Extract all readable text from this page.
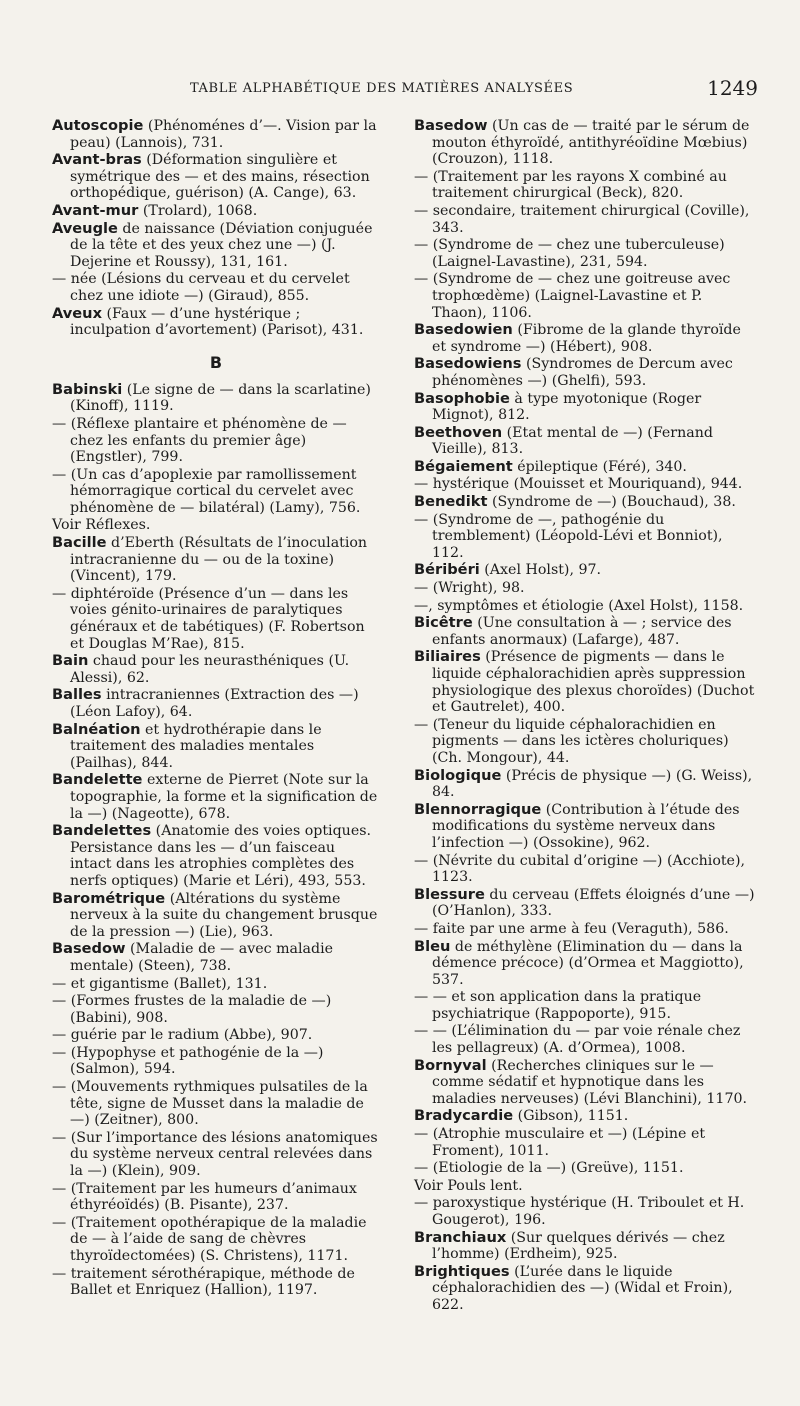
TABLE ALPHABÉTIQUE DES MATIÈRES ANALYSÉES	1249
Autoscopie (Phénoménes d’—. Vision par la peau) (Lannois), 731.
Avant-bras (Déformation singulière et symétrique des — et des mains, résection orthopédique, guérison) (A. Cange), 63.
Avant-mur (Trolard), 1068.
Aveugle de naissance (Déviation conjuguée de la tête et des yeux chez une —) (J. Dejerine et Roussy), 131, 161.
— née (Lésions du cerveau et du cervelet chez une idiote —) (Giraud), 855.
Aveux (Faux — d’une hystérique ; inculpation d’avortement) (Parisot), 431.
B
Babinski (Le signe de — dans la scarlatine) (Kinoff), 1119.
— (Réflexe plantaire et phénomène de — chez les enfants du premier âge) (Engstler), 799.
— (Un cas d’apoplexie par ramollissement hémorragique cortical du cervelet avec phénomène de — bilatéral) (Lamy), 756.
Voir Réflexes.
Bacille d’Eberth (Résultats de l’inoculation intracranienne du — ou de la toxine) (Vincent), 179.
— diphtéroïde (Présence d’un — dans les voies génito-urinaires de paralytiques généraux et de tabétiques) (F. Robertson et Douglas M’Rae), 815.
Bain chaud pour les neurasthéniques (U. Alessi), 62.
Balles intracraniennes (Extraction des —) (Léon Lafoy), 64.
Balnéation et hydrothérapie dans le traitement des maladies mentales (Pailhas), 844.
Bandelette externe de Pierret (Note sur la topographie, la forme et la signification de la —) (Nageotte), 678.
Bandelettes (Anatomie des voies optiques. Persistance dans les — d’un faisceau intact dans les atrophies complètes des nerfs optiques) (Marie et Léri), 493, 553.
Barométrique (Altérations du système nerveux à la suite du changement brusque de la pression —) (Lie), 963.
Basedow (Maladie de — avec maladie mentale) (Steen), 738.
— et gigantisme (Ballet), 131.
— (Formes frustes de la maladie de —) (Babini), 908.
— guérie par le radium (Abbe), 907.
— (Hypophyse et pathogénie de la —) (Salmon), 594.
— (Mouvements rythmiques pulsatiles de la tête, signe de Musset dans la maladie de —) (Zeitner), 800.
— (Sur l’importance des lésions anatomiques du système nerveux central relevées dans la —) (Klein), 909.
— (Traitement par les humeurs d’animaux éthyréoïdés) (B. Pisante), 237.
— (Traitement opothérapique de la maladie de — à l’aide de sang de chèvres thyroïdectomées) (S. Christens), 1171.
— traitement sérothérapique, méthode de Ballet et Enriquez (Hallion), 1197.
Basedow (Un cas de — traité par le sérum de mouton éthyroïdé, antithyréoïdine Mœbius) (Crouzon), 1118.
— (Traitement par les rayons X combiné au traitement chirurgical (Beck), 820.
— secondaire, traitement chirurgical (Coville), 343.
— (Syndrome de — chez une tuberculeuse) (Laignel-Lavastine), 231, 594.
— (Syndrome de — chez une goitreuse avec trophœdème) (Laignel-Lavastine et P. Thaon), 1106.
Basedowien (Fibrome de la glande thyroïde et syndrome —) (Hébert), 908.
Basedowiens (Syndromes de Dercum avec phénomènes —) (Ghelfi), 593.
Basophobie à type myotonique (Roger Mignot), 812.
Beethoven (Etat mental de —) (Fernand Vieille), 813.
Bégaiement épileptique (Féré), 340.
— hystérique (Mouisset et Mouriquand), 944.
Benedikt (Syndrome de —) (Bouchaud), 38.
— (Syndrome de —, pathogénie du tremblement) (Léopold-Lévi et Bonniot), 112.
Béribéri (Axel Holst), 97.
— (Wright), 98.
—, symptômes et étiologie (Axel Holst), 1158.
Bicêtre (Une consultation à — ; service des enfants anormaux) (Lafarge), 487.
Biliaires (Présence de pigments — dans le liquide céphalorachidien après suppression physiologique des plexus choroïdes) (Duchot et Gautrelet), 400.
— (Teneur du liquide céphalorachidien en pigments — dans les ictères choluriques) (Ch. Mongour), 44.
Biologique (Précis de physique —) (G. Weiss), 84.
Blennorragique (Contribution à l’étude des modifications du système nerveux dans l’infection —) (Ossokine), 962.
— (Névrite du cubital d’origine —) (Acchiote), 1123.
Blessure du cerveau (Effets éloignés d’une —) (O’Hanlon), 333.
— faite par une arme à feu (Veraguth), 586.
Bleu de méthylène (Elimination du — dans la démence précoce) (d’Ormea et Maggiotto), 537.
— — et son application dans la pratique psychiatrique (Rappoporte), 915.
— — (L’élimination du — par voie rénale chez les pellagreux) (A. d’Ormea), 1008.
Bornyval (Recherches cliniques sur le — comme sédatif et hypnotique dans les maladies nerveuses) (Lévi Blanchini), 1170.
Bradycardie (Gibson), 1151.
— (Atrophie musculaire et —) (Lépine et Froment), 1011.
— (Etiologie de la —) (Greüve), 1151.
Voir Pouls lent.
— paroxystique hystérique (H. Triboulet et H. Gougerot), 196.
Branchiaux (Sur quelques dérivés — chez l’homme) (Erdheim), 925.
Brightiques (L’urée dans le liquide céphalorachidien des —) (Widal et Froin), 622.
